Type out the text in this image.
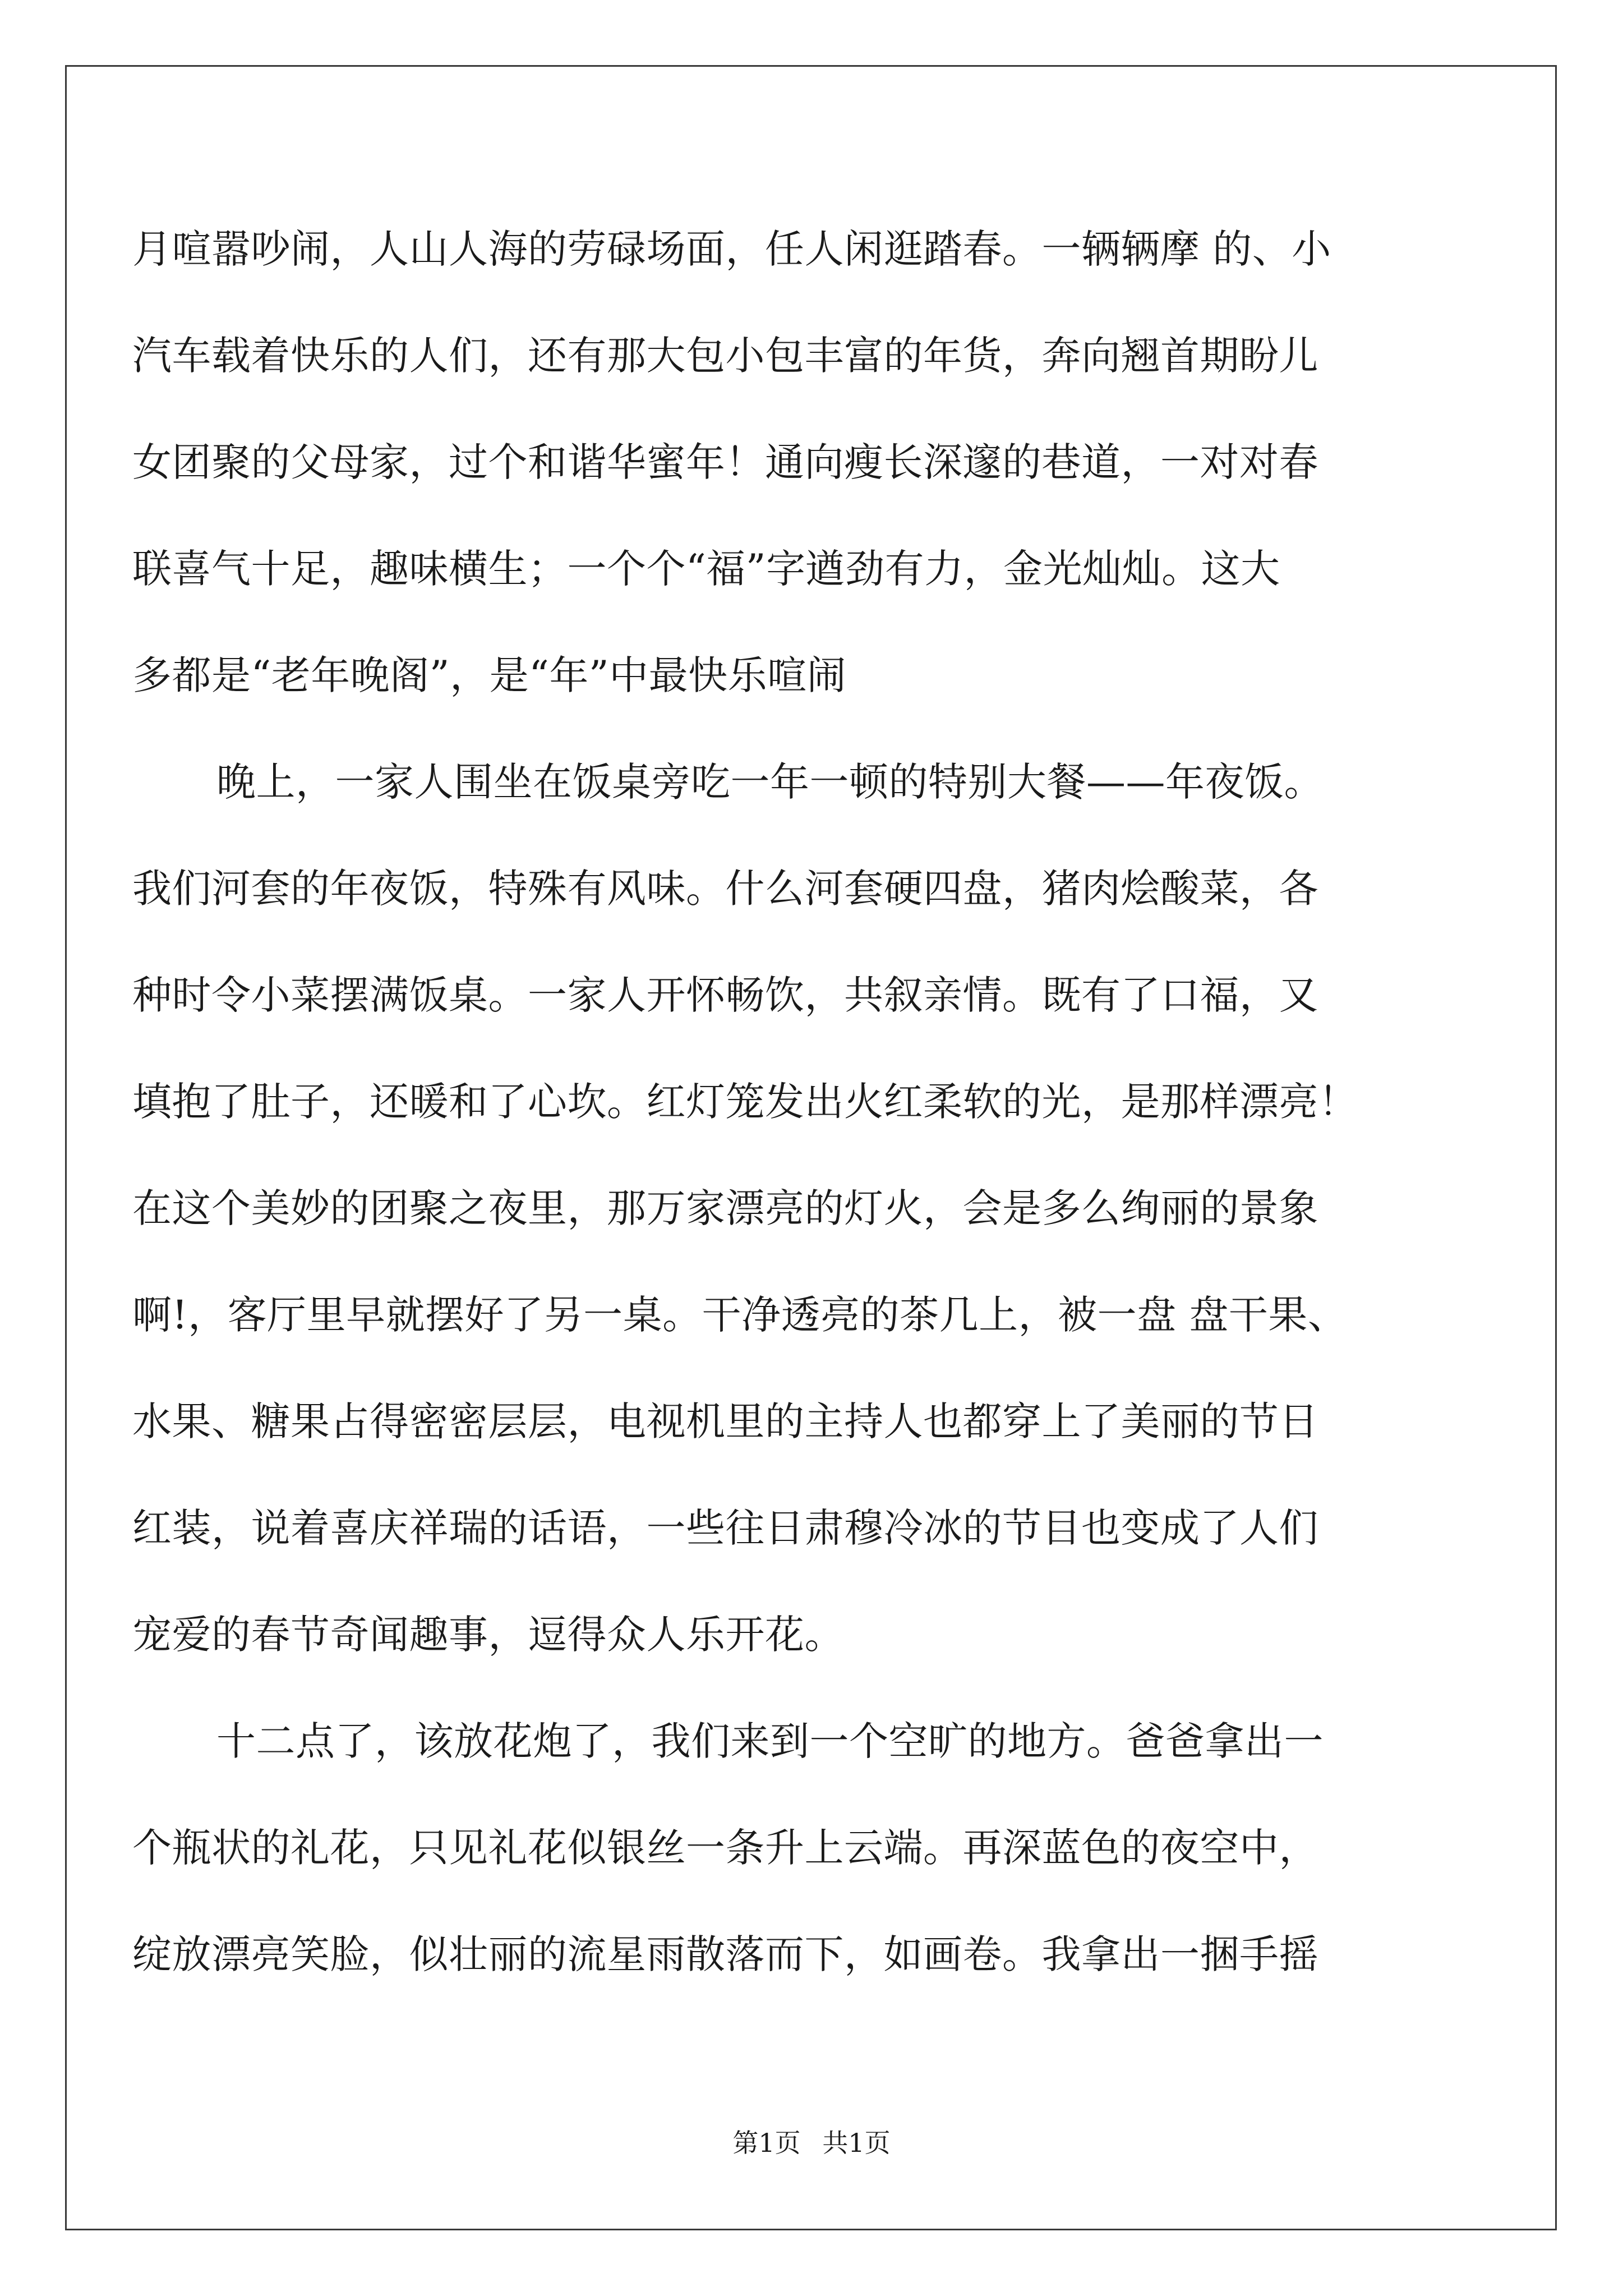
月喧嚣吵闹，人山人海的劳碌场面，任人闲逛踏春。一辆辆摩 的、小
汽车载着快乐的人们，还有那大包小包丰富的年货，奔向翘首期盼儿
女团聚的父母家，过个和谐华蜜年！通向瘦长深邃的巷道，一对对春
联喜气十足，趣味横生；一个个“福”字遒劲有力，金光灿灿。这大
多都是“老年晚阁”，是“年”中最快乐喧闹
晚上，一家人围坐在饭桌旁吃一年一顿的特别大餐——年夜饭。
我们河套的年夜饭，特殊有风味。什么河套硬四盘，猪肉烩酸菜，各
种时令小菜摆满饭桌。一家人开怀畅饮，共叙亲情。既有了口福，又
填抱了肚子，还暖和了心坎。红灯笼发出火红柔软的光，是那样漂亮！
在这个美妙的团聚之夜里，那万家漂亮的灯火，会是多么绚丽的景象
啊!，客厅里早就摆好了另一桌。干净透亮的茶几上，被一盘 盘干果、
水果、糖果占得密密层层，电视机里的主持人也都穿上了美丽的节日
红装，说着喜庆祥瑞的话语，一些往日肃穆冷冰的节目也变成了人们
宠爱的春节奇闻趣事，逗得众人乐开花。
十二点了，该放花炮了，我们来到一个空旷的地方。爸爸拿出一
个瓶状的礼花，只见礼花似银丝一条升上云端。再深蓝色的夜空中，
绽放漂亮笑脸，似壮丽的流星雨散落而下，如画卷。我拿出一捆手摇
第1页 共1页
